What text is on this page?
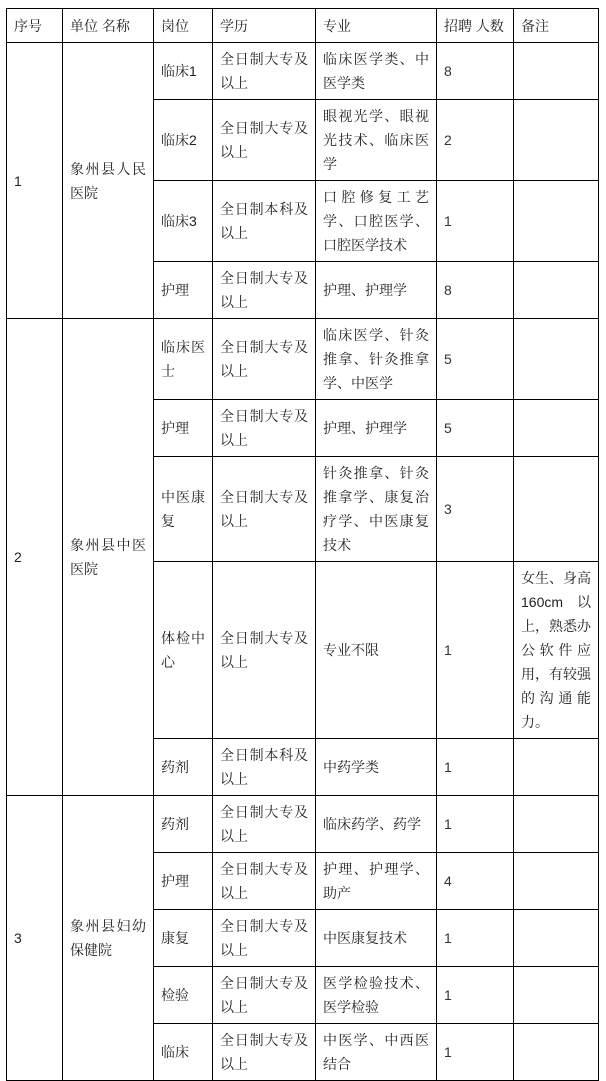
序号	单位 名称	岗位	学历	专业	招聘 人数	备注
1	象州县人民医院	临床1	全日制大专及以上	临床医学类、中医学类	8	
		临床2	全日制大专及以上	眼视光学、眼视光技术、临床医学	2	
		临床3	全日制本科及以上	口腔修复工艺学、口腔医学、口腔医学技术	1	
		护理	全日制大专及以上	护理、护理学	8	
2	象州县中医医院	临床医士	全日制大专及以上	临床医学、针灸推拿、针灸推拿学、中医学	5	
		护理	全日制大专及以上	护理、护理学	5	
		中医康复	全日制大专及以上	针灸推拿、针灸推拿学、康复治疗学、中医康复技术	3	
		体检中心	全日制大专及以上	专业不限	1	女生、身高 160cm 以上，熟悉办公软件应用，有较强的沟通能力。
		药剂	全日制本科及以上	中药学类	1	
3	象州县妇幼保健院	药剂	全日制大专及以上	临床药学、药学	1	
		护理	全日制大专及以上	护理、护理学、助产	4	
		康复	全日制大专及以上	中医康复技术	1	
		检验	全日制大专及以上	医学检验技术、医学检验	1	
		临床	全日制大专及以上	中医学、中西医结合	1	
